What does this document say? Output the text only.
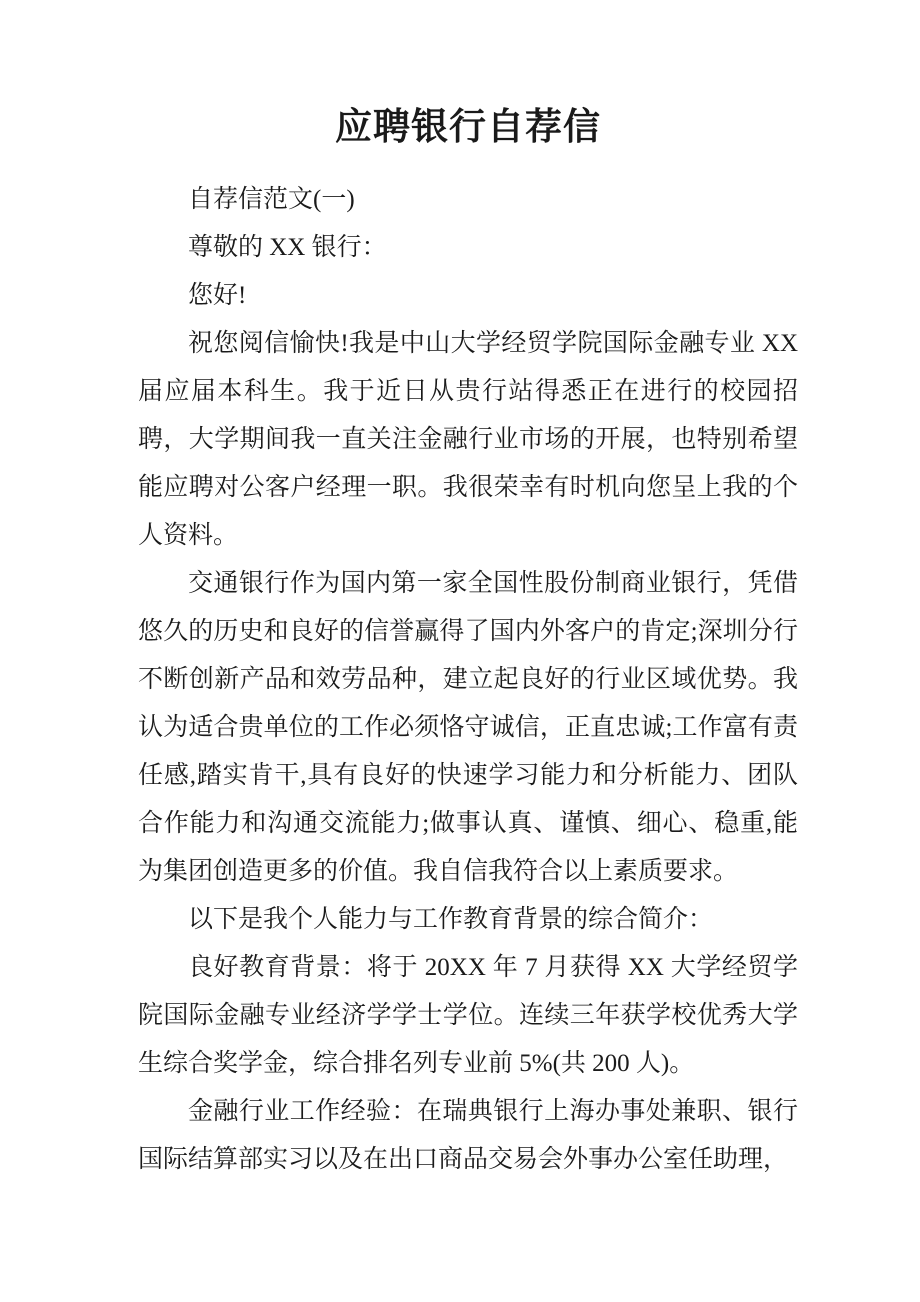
应聘银行自荐信

自荐信范文(一)

尊敬的 XX 银行：

您好!

祝您阅信愉快!我是中山大学经贸学院国际金融专业 XX 届应届本科生。我于近日从贵行站得悉正在进行的校园招聘，大学期间我一直关注金融行业市场的开展，也特别希望能应聘对公客户经理一职。我很荣幸有时机向您呈上我的个人资料。

交通银行作为国内第一家全国性股份制商业银行，凭借悠久的历史和良好的信誉赢得了国内外客户的肯定;深圳分行不断创新产品和效劳品种，建立起良好的行业区域优势。我认为适合贵单位的工作必须恪守诚信，正直忠诚;工作富有责任感,踏实肯干,具有良好的快速学习能力和分析能力、团队合作能力和沟通交流能力;做事认真、谨慎、细心、稳重,能为集团创造更多的价值。我自信我符合以上素质要求。

以下是我个人能力与工作教育背景的综合简介：

良好教育背景：将于 20XX 年 7 月获得 XX 大学经贸学院国际金融专业经济学学士学位。连续三年获学校优秀大学生综合奖学金，综合排名列专业前 5%(共 200 人)。

金融行业工作经验：在瑞典银行上海办事处兼职、银行国际结算部实习以及在出口商品交易会外事办公室任助理，
